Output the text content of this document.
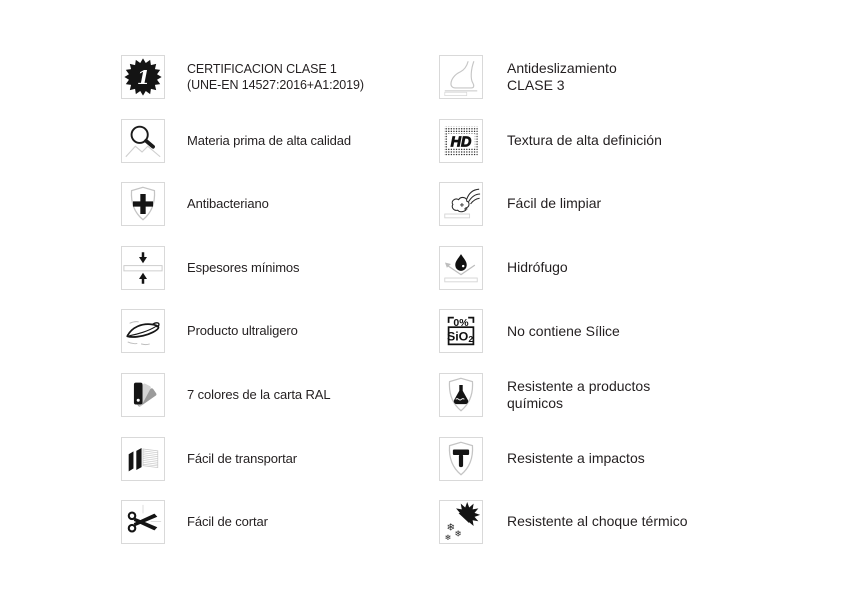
1	CERTIFICACION CLASE 1
(UNE-EN 14527:2016+A1:2019)
Materia prima de alta calidad
Antibacteriano
Espesores mínimos
Producto ultraligero
7 colores de la carta RAL
Fácil de transportar
Fácil de cortar
Antideslizamiento
CLASE 3
HD	Textura de alta definición
Fácil de limpiar
Hidrófugo
0%
SiO2
No contiene Sílice
Resistente a productos
químicos
Resistente a impactos
❄
❄
❄
Resistente al choque térmico
